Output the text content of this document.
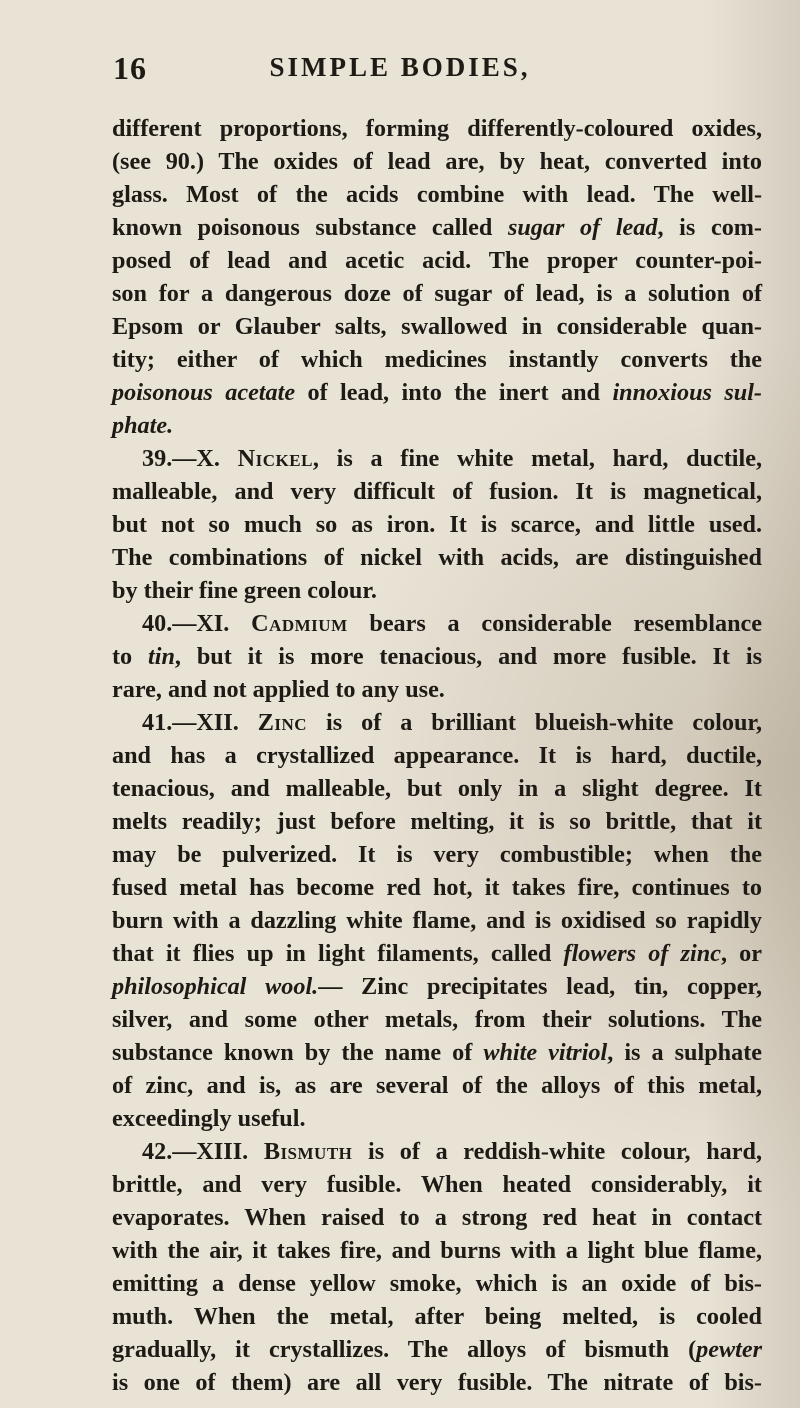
16	SIMPLE BODIES,
different proportions, forming differently-coloured oxides,
(see 90.) The oxides of lead are, by heat, converted into
glass. Most of the acids combine with lead. The well-
known poisonous substance called sugar of lead, is com-
posed of lead and acetic acid. The proper counter-poi-
son for a dangerous doze of sugar of lead, is a solution of
Epsom or Glauber salts, swallowed in considerable quan-
tity; either of which medicines instantly converts the
poisonous acetate of lead, into the inert and innoxious sul-
phate.
39.—X. Nickel, is a fine white metal, hard, ductile,
malleable, and very difficult of fusion. It is magnetical,
but not so much so as iron. It is scarce, and little used.
The combinations of nickel with acids, are distinguished
by their fine green colour.
40.—XI. Cadmium bears a considerable resemblance
to tin, but it is more tenacious, and more fusible. It is
rare, and not applied to any use.
41.—XII. Zinc is of a brilliant blueish-white colour,
and has a crystallized appearance. It is hard, ductile,
tenacious, and malleable, but only in a slight degree. It
melts readily; just before melting, it is so brittle, that it
may be pulverized. It is very combustible; when the
fused metal has become red hot, it takes fire, continues to
burn with a dazzling white flame, and is oxidised so rapidly
that it flies up in light filaments, called flowers of zinc, or
philosophical wool.— Zinc precipitates lead, tin, copper,
silver, and some other metals, from their solutions. The
substance known by the name of white vitriol, is a sulphate
of zinc, and is, as are several of the alloys of this metal,
exceedingly useful.
42.—XIII. Bismuth is of a reddish-white colour, hard,
brittle, and very fusible. When heated considerably, it
evaporates. When raised to a strong red heat in contact
with the air, it takes fire, and burns with a light blue flame,
emitting a dense yellow smoke, which is an oxide of bis-
muth. When the metal, after being melted, is cooled
gradually, it crystallizes. The alloys of bismuth (pewter
is one of them) are all very fusible. The nitrate of bis-
